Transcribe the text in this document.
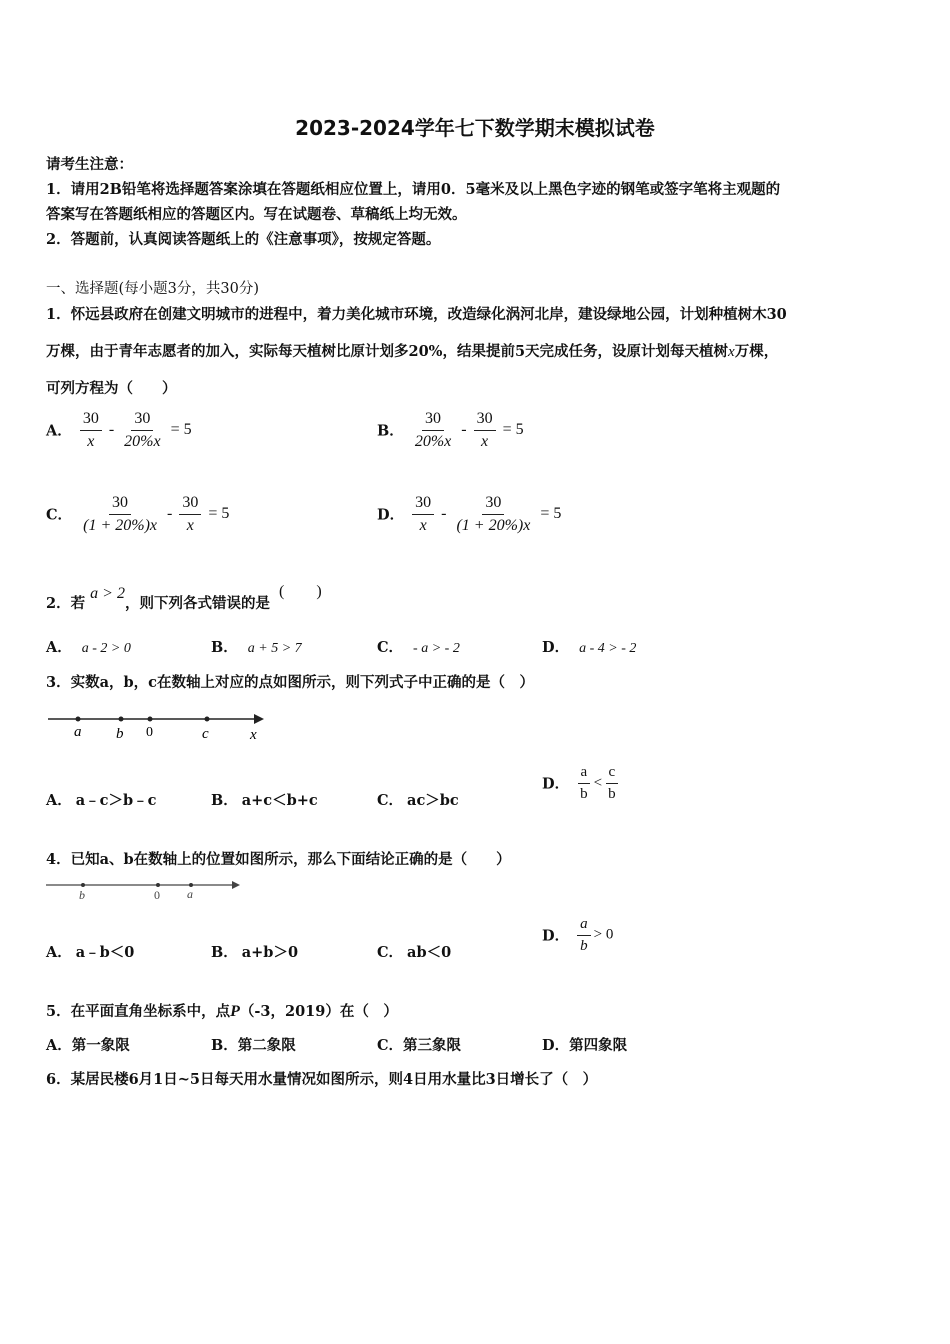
2023-2024学年七下数学期末模拟试卷
请考生注意：
1．请用2B铅笔将选择题答案涂填在答题纸相应位置上，请用0．5毫米及以上黑色字迹的钢笔或签字笔将主观题的
答案写在答题纸相应的答题区内。写在试题卷、草稿纸上均无效。
2．答题前，认真阅读答题纸上的《注意事项》，按规定答题。
一、选择题(每小题3分，共30分)
1．怀远县政府在创建文明城市的进程中，着力美化城市环境，改造绿化涡河北岸，建设绿地公园，计划种植树木30
万棵，由于青年志愿者的加入，实际每天植树比原计划多20%，结果提前5天完成任务，设原计划每天植树x万棵，
可列方程为（　　）
A． $\frac{30}{x} - \frac{30}{20\%x} = 5$	B． $\frac{30}{20\%x} - \frac{30}{x} = 5$
C． $\frac{30}{(1 + 20\%)x} - \frac{30}{x} = 5$	D． $\frac{30}{x} - \frac{30}{(1 + 20\%)x} = 5$
2．若 a > 2，则下列各式错误的是 (　　)
A． a - 2 > 0	B． a + 5 > 7	C． - a > - 2	D． a - 4 > - 2
3．实数a，b，c在数轴上对应的点如图所示，则下列式子中正确的是（　）
a b 0	c	x
A． a﹣c＞b﹣c	B． a+c＜b+c	C． ac＞bc
D． $\frac{a}{b} < \frac{c}{b}$
4．已知a、b在数轴上的位置如图所示，那么下面结论正确的是（　　）
b	0 a
A． a﹣b＜0	B． a+b＞0	C． ab＜0
D． $\frac{a}{b} > 0$
5．在平面直角坐标系中，点P（-3，2019）在（　）
A．第一象限	B．第二象限	C．第三象限	D．第四象限
6．某居民楼6月1日~5日每天用水量情况如图所示，则4日用水量比3日增长了（　）
